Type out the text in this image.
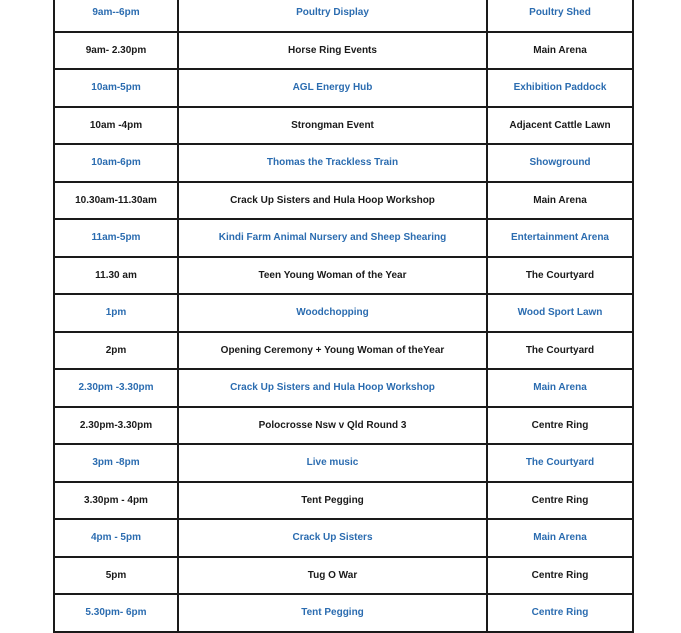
9am--6pm	Poultry Display	Poultry Shed
9am- 2.30pm	Horse Ring Events	Main Arena
10am-5pm	AGL Energy Hub	Exhibition Paddock
10am -4pm	Strongman Event	Adjacent Cattle Lawn
10am-6pm	Thomas the Trackless Train	Showground
10.30am-11.30am	Crack Up Sisters and Hula Hoop Workshop	Main Arena
11am-5pm	Kindi Farm Animal Nursery and Sheep Shearing	Entertainment Arena
11.30 am	Teen Young Woman of the Year	The Courtyard
1pm	Woodchopping	Wood Sport Lawn
2pm	Opening Ceremony + Young Woman of theYear	The Courtyard
2.30pm -3.30pm	Crack Up Sisters and Hula Hoop Workshop	Main Arena
2.30pm-3.30pm	Polocrosse Nsw v Qld Round 3	Centre Ring
3pm -8pm	Live music	The Courtyard
3.30pm - 4pm	Tent Pegging	Centre Ring
4pm - 5pm	Crack Up Sisters	Main Arena
5pm	Tug O War	Centre Ring
5.30pm- 6pm	Tent Pegging	Centre Ring
